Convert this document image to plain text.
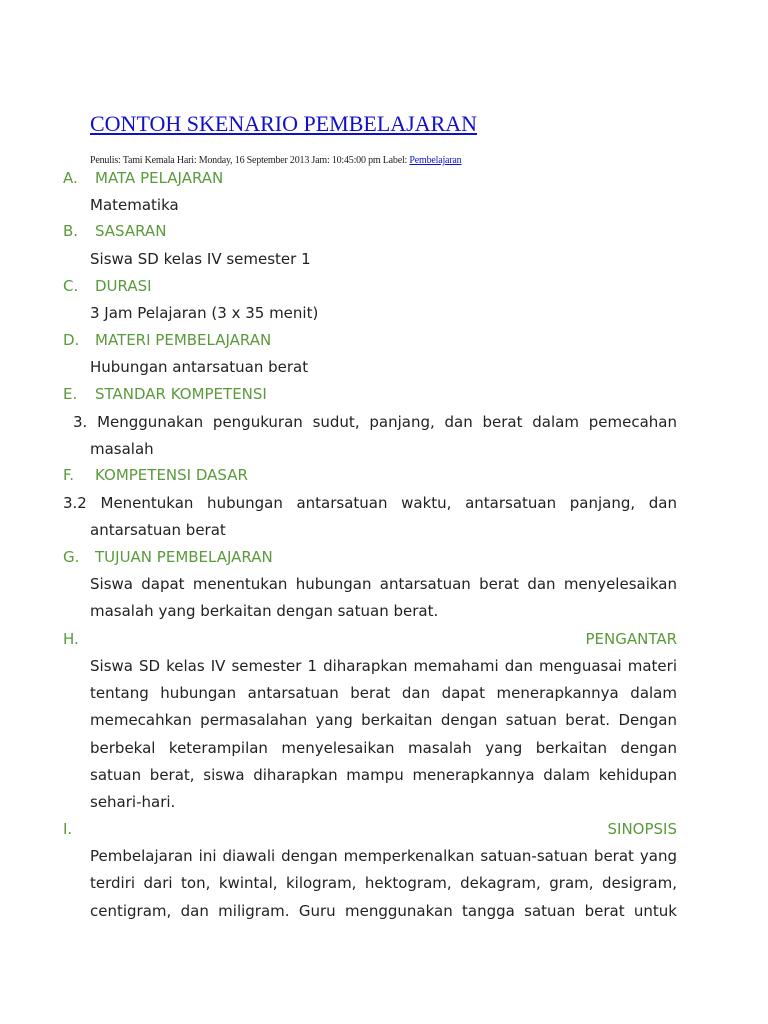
CONTOH SKENARIO PEMBELAJARAN
Penulis: Tami Kemala Hari: Monday, 16 September 2013 Jam: 10:45:00 pm Label: Pembelajaran
A. MATA PELAJARAN
Matematika
B. SASARAN
Siswa SD kelas IV semester 1
C. DURASI
3 Jam Pelajaran (3 x 35 menit)
D. MATERI PEMBELAJARAN
Hubungan antarsatuan berat
E. STANDAR KOMPETENSI
3. Menggunakan pengukuran sudut, panjang, dan berat dalam pemecahan
masalah
F. KOMPETENSI DASAR
3.2 Menentukan hubungan antarsatuan waktu, antarsatuan panjang, dan
antarsatuan berat
G. TUJUAN PEMBELAJARAN
Siswa dapat menentukan hubungan antarsatuan berat dan menyelesaikan
masalah yang berkaitan dengan satuan berat.
H.	PENGANTAR
Siswa SD kelas IV semester 1 diharapkan memahami dan menguasai materi
tentang hubungan antarsatuan berat dan dapat menerapkannya dalam
memecahkan permasalahan yang berkaitan dengan satuan berat. Dengan
berbekal keterampilan menyelesaikan masalah yang berkaitan dengan
satuan berat, siswa diharapkan mampu menerapkannya dalam kehidupan
sehari-hari.
I.	SINOPSIS
Pembelajaran ini diawali dengan memperkenalkan satuan-satuan berat yang
terdiri dari ton, kwintal, kilogram, hektogram, dekagram, gram, desigram,
centigram, dan miligram. Guru menggunakan tangga satuan berat untuk
